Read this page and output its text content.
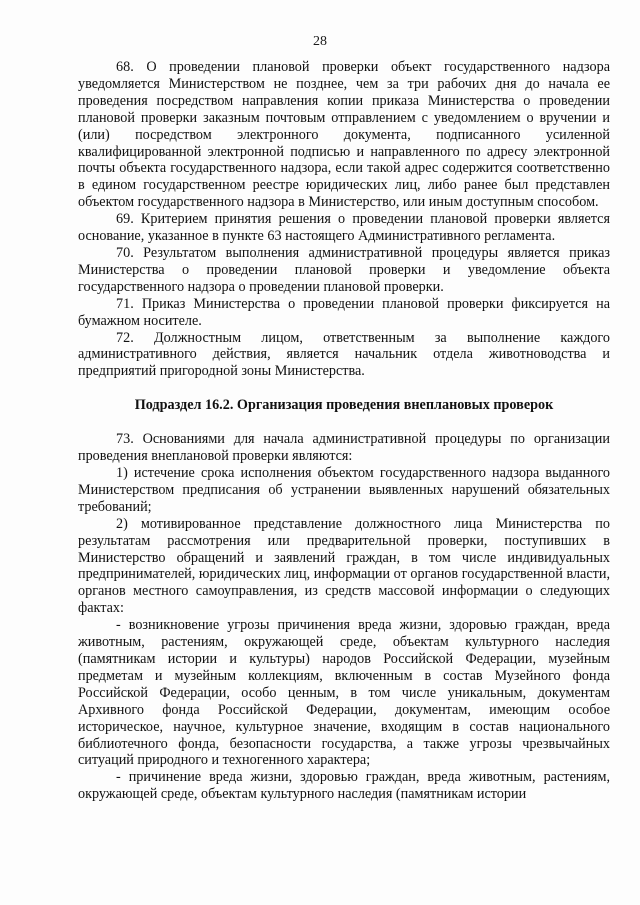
28

68. О проведении плановой проверки объект государственного надзора уведомляется Министерством не позднее, чем за три рабочих дня до начала ее проведения посредством направления копии приказа Министерства о проведении плановой проверки заказным почтовым отправлением с уведомлением о вручении и (или) посредством электронного документа, подписанного усиленной квалифицированной электронной подписью и направленного по адресу электронной почты объекта государственного надзора, если такой адрес содержится соответственно в едином государственном реестре юридических лиц, либо ранее был представлен объектом государственного надзора в Министерство, или иным доступным способом.

69. Критерием принятия решения о проведении плановой проверки является основание, указанное в пункте 63 настоящего Административного регламента.

70. Результатом выполнения административной процедуры является приказ Министерства о проведении плановой проверки и уведомление объекта государственного надзора о проведении плановой проверки.

71. Приказ Министерства о проведении плановой проверки фиксируется на бумажном носителе.

72. Должностным лицом, ответственным за выполнение каждого административного действия, является начальник отдела животноводства и предприятий пригородной зоны Министерства.

Подраздел 16.2. Организация проведения внеплановых проверок

73. Основаниями для начала административной процедуры по организации проведения внеплановой проверки являются:

1) истечение срока исполнения объектом государственного надзора выданного Министерством предписания об устранении выявленных нарушений обязательных требований;

2) мотивированное представление должностного лица Министерства по результатам рассмотрения или предварительной проверки, поступивших в Министерство обращений и заявлений граждан, в том числе индивидуальных предпринимателей, юридических лиц, информации от органов государственной власти, органов местного самоуправления, из средств массовой информации о следующих фактах:

- возникновение угрозы причинения вреда жизни, здоровью граждан, вреда животным, растениям, окружающей среде, объектам культурного наследия (памятникам истории и культуры) народов Российской Федерации, музейным предметам и музейным коллекциям, включенным в состав Музейного фонда Российской Федерации, особо ценным, в том числе уникальным, документам Архивного фонда Российской Федерации, документам, имеющим особое историческое, научное, культурное значение, входящим в состав национального библиотечного фонда, безопасности государства, а также угрозы чрезвычайных ситуаций природного и техногенного характера;

- причинение вреда жизни, здоровью граждан, вреда животным, растениям, окружающей среде, объектам культурного наследия (памятникам истории
